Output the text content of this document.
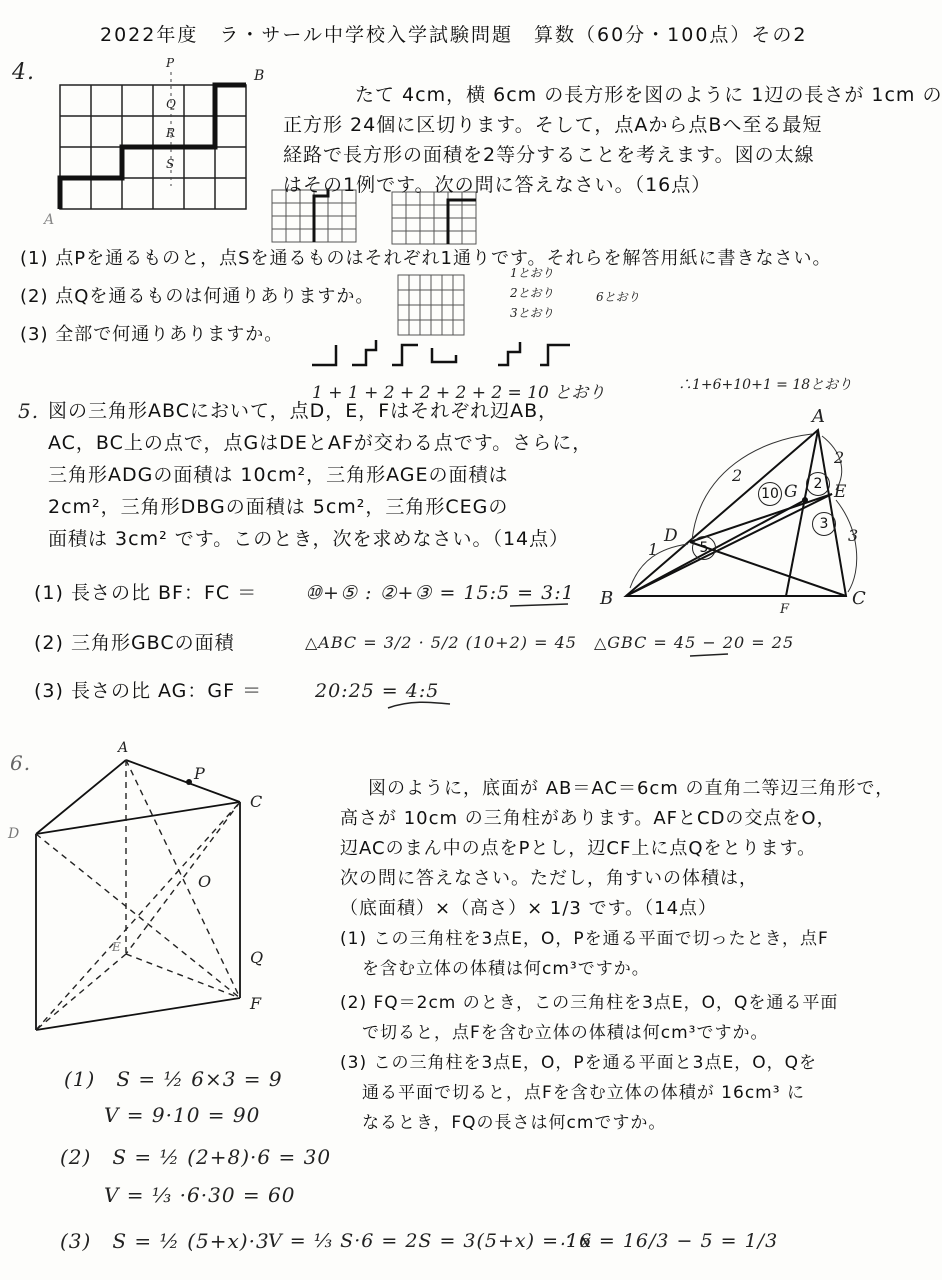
2022年度　ラ・サール中学校入学試験問題　算数（60分・100点）その2
4.	P
Q
R
S
A
B
たて 4cm，横 6cm の長方形を図のように 1辺の長さが 1cm の
正方形 24個に区切ります。そして，点Aから点Bへ至る最短
経路で長方形の面積を2等分することを考えます。図の太線
はその1例です。次の問に答えなさい。（16点）
(1) 点Pを通るものと，点Sを通るものはそれぞれ1通りです。それらを解答用紙に書きなさい。
(2) 点Qを通るものは何通りありますか。
(3) 全部で何通りありますか。
1とおり
2とおり
3とおり
6とおり
1 + 1 + 2 + 2 + 2 + 2 = 10 とおり	∴1+6+10+1 = 18とおり
5. 図の三角形ABCにおいて，点D，E，Fはそれぞれ辺AB，
AC，BC上の点で，点GはDEとAFが交わる点です。さらに，
三角形ADGの面積は 10cm²，三角形AGEの面積は
2cm²，三角形DBGの面積は 5cm²，三角形CEGの
面積は 3cm² です。このとき，次を求めなさい。（14点）
A
B	C
D
E
F
G
2
2
1
3
10
2
3
5
(1) 長さの比 BF：FC ＝	⑩+⑤ : ②+③ = 15:5 = 3:1
(2) 三角形GBCの面積	△ABC = 3/2 · 5/2 (10+2) = 45　△GBC = 45 − 20 = 25
(3) 長さの比 AG：GF ＝	20:25 = 4:5
6.
A
P
C
O
Q
F
D
E
図のように，底面が AB＝AC＝6cm の直角二等辺三角形で，
高さが 10cm の三角柱があります。AFとCDの交点をO，
辺ACのまん中の点をPとし，辺CF上に点Qをとります。
次の問に答えなさい。ただし，角すいの体積は，
（底面積）×（高さ）× 1/3 です。（14点）
(1) この三角柱を3点E，O，Pを通る平面で切ったとき，点F
を含む立体の体積は何cm³ですか。
(2) FQ＝2cm のとき，この三角柱を3点E，O，Qを通る平面
で切ると，点Fを含む立体の体積は何cm³ですか。
(3) この三角柱を3点E，O，Pを通る平面と3点E，O，Qを
通る平面で切ると，点Fを含む立体の体積が 16cm³ に
なるとき，FQの長さは何cmですか。
(1)　S = ½ 6×3 = 9
V = 9·10 = 90
(2)　S = ½ (2+8)·6 = 30
V = ⅓ ·6·30 = 60
(3)　S = ½ (5+x)·3
V = ⅓ S·6 = 2S = 3(5+x) = 16
∴ x = 16/3 − 5 = 1/3
